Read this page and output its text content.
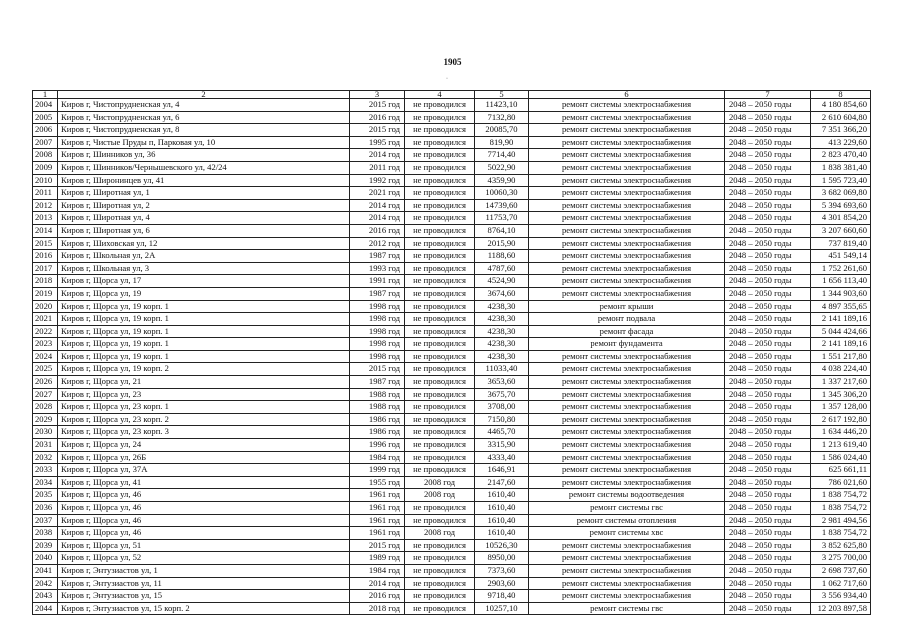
1905
·
1	2	3	4	5	6	7	8
2004	Киров г, Чистопрудненская ул, 4	2015 год	не проводился	11423,10	ремонт системы электроснабжения	2048 – 2050 годы	4 180 854,60
2005	Киров г, Чистопрудненская ул, 6	2016 год	не проводился	7132,80	ремонт системы электроснабжения	2048 – 2050 годы	2 610 604,80
2006	Киров г, Чистопрудненская ул, 8	2015 год	не проводился	20085,70	ремонт системы электроснабжения	2048 – 2050 годы	7 351 366,20
2007	Киров г, Чистые Пруды п, Парковая ул, 10	1995 год	не проводился	819,90	ремонт системы электроснабжения	2048 – 2050 годы	413 229,60
2008	Киров г, Шинников ул, 36	2014 год	не проводился	7714,40	ремонт системы электроснабжения	2048 – 2050 годы	2 823 470,40
2009	Киров г, Шинников/Чернышевского ул, 42/24	2011 год	не проводился	5022,90	ремонт системы электроснабжения	2048 – 2050 годы	1 838 381,40
2010	Киров г, Широнинцев ул, 41	1992 год	не проводился	4359,90	ремонт системы электроснабжения	2048 – 2050 годы	1 595 723,40
2011	Киров г, Широтная ул, 1	2021 год	не проводился	10060,30	ремонт системы электроснабжения	2048 – 2050 годы	3 682 069,80
2012	Киров г, Широтная ул, 2	2014 год	не проводился	14739,60	ремонт системы электроснабжения	2048 – 2050 годы	5 394 693,60
2013	Киров г, Широтная ул, 4	2014 год	не проводился	11753,70	ремонт системы электроснабжения	2048 – 2050 годы	4 301 854,20
2014	Киров г, Широтная ул, 6	2016 год	не проводился	8764,10	ремонт системы электроснабжения	2048 – 2050 годы	3 207 660,60
2015	Киров г, Шиховская ул, 12	2012 год	не проводился	2015,90	ремонт системы электроснабжения	2048 – 2050 годы	737 819,40
2016	Киров г, Школьная ул, 2А	1987 год	не проводился	1188,60	ремонт системы электроснабжения	2048 – 2050 годы	451 549,14
2017	Киров г, Школьная ул, 3	1993 год	не проводился	4787,60	ремонт системы электроснабжения	2048 – 2050 годы	1 752 261,60
2018	Киров г, Щорса ул, 17	1991 год	не проводился	4524,90	ремонт системы электроснабжения	2048 – 2050 годы	1 656 113,40
2019	Киров г, Щорса ул, 19	1987 год	не проводился	3674,60	ремонт системы электроснабжения	2048 – 2050 годы	1 344 903,60
2020	Киров г, Щорса ул, 19 корп. 1	1998 год	не проводился	4238,30	ремонт крыши	2048 – 2050 годы	4 897 355,65
2021	Киров г, Щорса ул, 19 корп. 1	1998 год	не проводился	4238,30	ремонт подвала	2048 – 2050 годы	2 141 189,16
2022	Киров г, Щорса ул, 19 корп. 1	1998 год	не проводился	4238,30	ремонт фасада	2048 – 2050 годы	5 044 424,66
2023	Киров г, Щорса ул, 19 корп. 1	1998 год	не проводился	4238,30	ремонт фундамента	2048 – 2050 годы	2 141 189,16
2024	Киров г, Щорса ул, 19 корп. 1	1998 год	не проводился	4238,30	ремонт системы электроснабжения	2048 – 2050 годы	1 551 217,80
2025	Киров г, Щорса ул, 19 корп. 2	2015 год	не проводился	11033,40	ремонт системы электроснабжения	2048 – 2050 годы	4 038 224,40
2026	Киров г, Щорса ул, 21	1987 год	не проводился	3653,60	ремонт системы электроснабжения	2048 – 2050 годы	1 337 217,60
2027	Киров г, Щорса ул, 23	1988 год	не проводился	3675,70	ремонт системы электроснабжения	2048 – 2050 годы	1 345 306,20
2028	Киров г, Щорса ул, 23 корп. 1	1988 год	не проводился	3708,00	ремонт системы электроснабжения	2048 – 2050 годы	1 357 128,00
2029	Киров г, Щорса ул, 23 корп. 2	1986 год	не проводился	7150,80	ремонт системы электроснабжения	2048 – 2050 годы	2 617 192,80
2030	Киров г, Щорса ул, 23 корп. 3	1986 год	не проводился	4465,70	ремонт системы электроснабжения	2048 – 2050 годы	1 634 446,20
2031	Киров г, Щорса ул, 24	1996 год	не проводился	3315,90	ремонт системы электроснабжения	2048 – 2050 годы	1 213 619,40
2032	Киров г, Щорса ул, 26Б	1984 год	не проводился	4333,40	ремонт системы электроснабжения	2048 – 2050 годы	1 586 024,40
2033	Киров г, Щорса ул, 37А	1999 год	не проводился	1646,91	ремонт системы электроснабжения	2048 – 2050 годы	625 661,11
2034	Киров г, Щорса ул, 41	1955 год	2008 год	2147,60	ремонт системы электроснабжения	2048 – 2050 годы	786 021,60
2035	Киров г, Щорса ул, 46	1961 год	2008 год	1610,40	ремонт системы водоотведения	2048 – 2050 годы	1 838 754,72
2036	Киров г, Щорса ул, 46	1961 год	не проводился	1610,40	ремонт системы гвс	2048 – 2050 годы	1 838 754,72
2037	Киров г, Щорса ул, 46	1961 год	не проводился	1610,40	ремонт системы отопления	2048 – 2050 годы	2 981 494,56
2038	Киров г, Щорса ул, 46	1961 год	2008 год	1610,40	ремонт системы хвс	2048 – 2050 годы	1 838 754,72
2039	Киров г, Щорса ул, 51	2015 год	не проводился	10526,30	ремонт системы электроснабжения	2048 – 2050 годы	3 852 625,80
2040	Киров г, Щорса ул, 52	1989 год	не проводился	8950,00	ремонт системы электроснабжения	2048 – 2050 годы	3 275 700,00
2041	Киров г, Энтузиастов ул, 1	1984 год	не проводился	7373,60	ремонт системы электроснабжения	2048 – 2050 годы	2 698 737,60
2042	Киров г, Энтузиастов ул, 11	2014 год	не проводился	2903,60	ремонт системы электроснабжения	2048 – 2050 годы	1 062 717,60
2043	Киров г, Энтузиастов ул, 15	2016 год	не проводился	9718,40	ремонт системы электроснабжения	2048 – 2050 годы	3 556 934,40
2044	Киров г, Энтузиастов ул, 15 корп. 2	2018 год	не проводился	10257,10	ремонт системы гвс	2048 – 2050 годы	12 203 897,58
